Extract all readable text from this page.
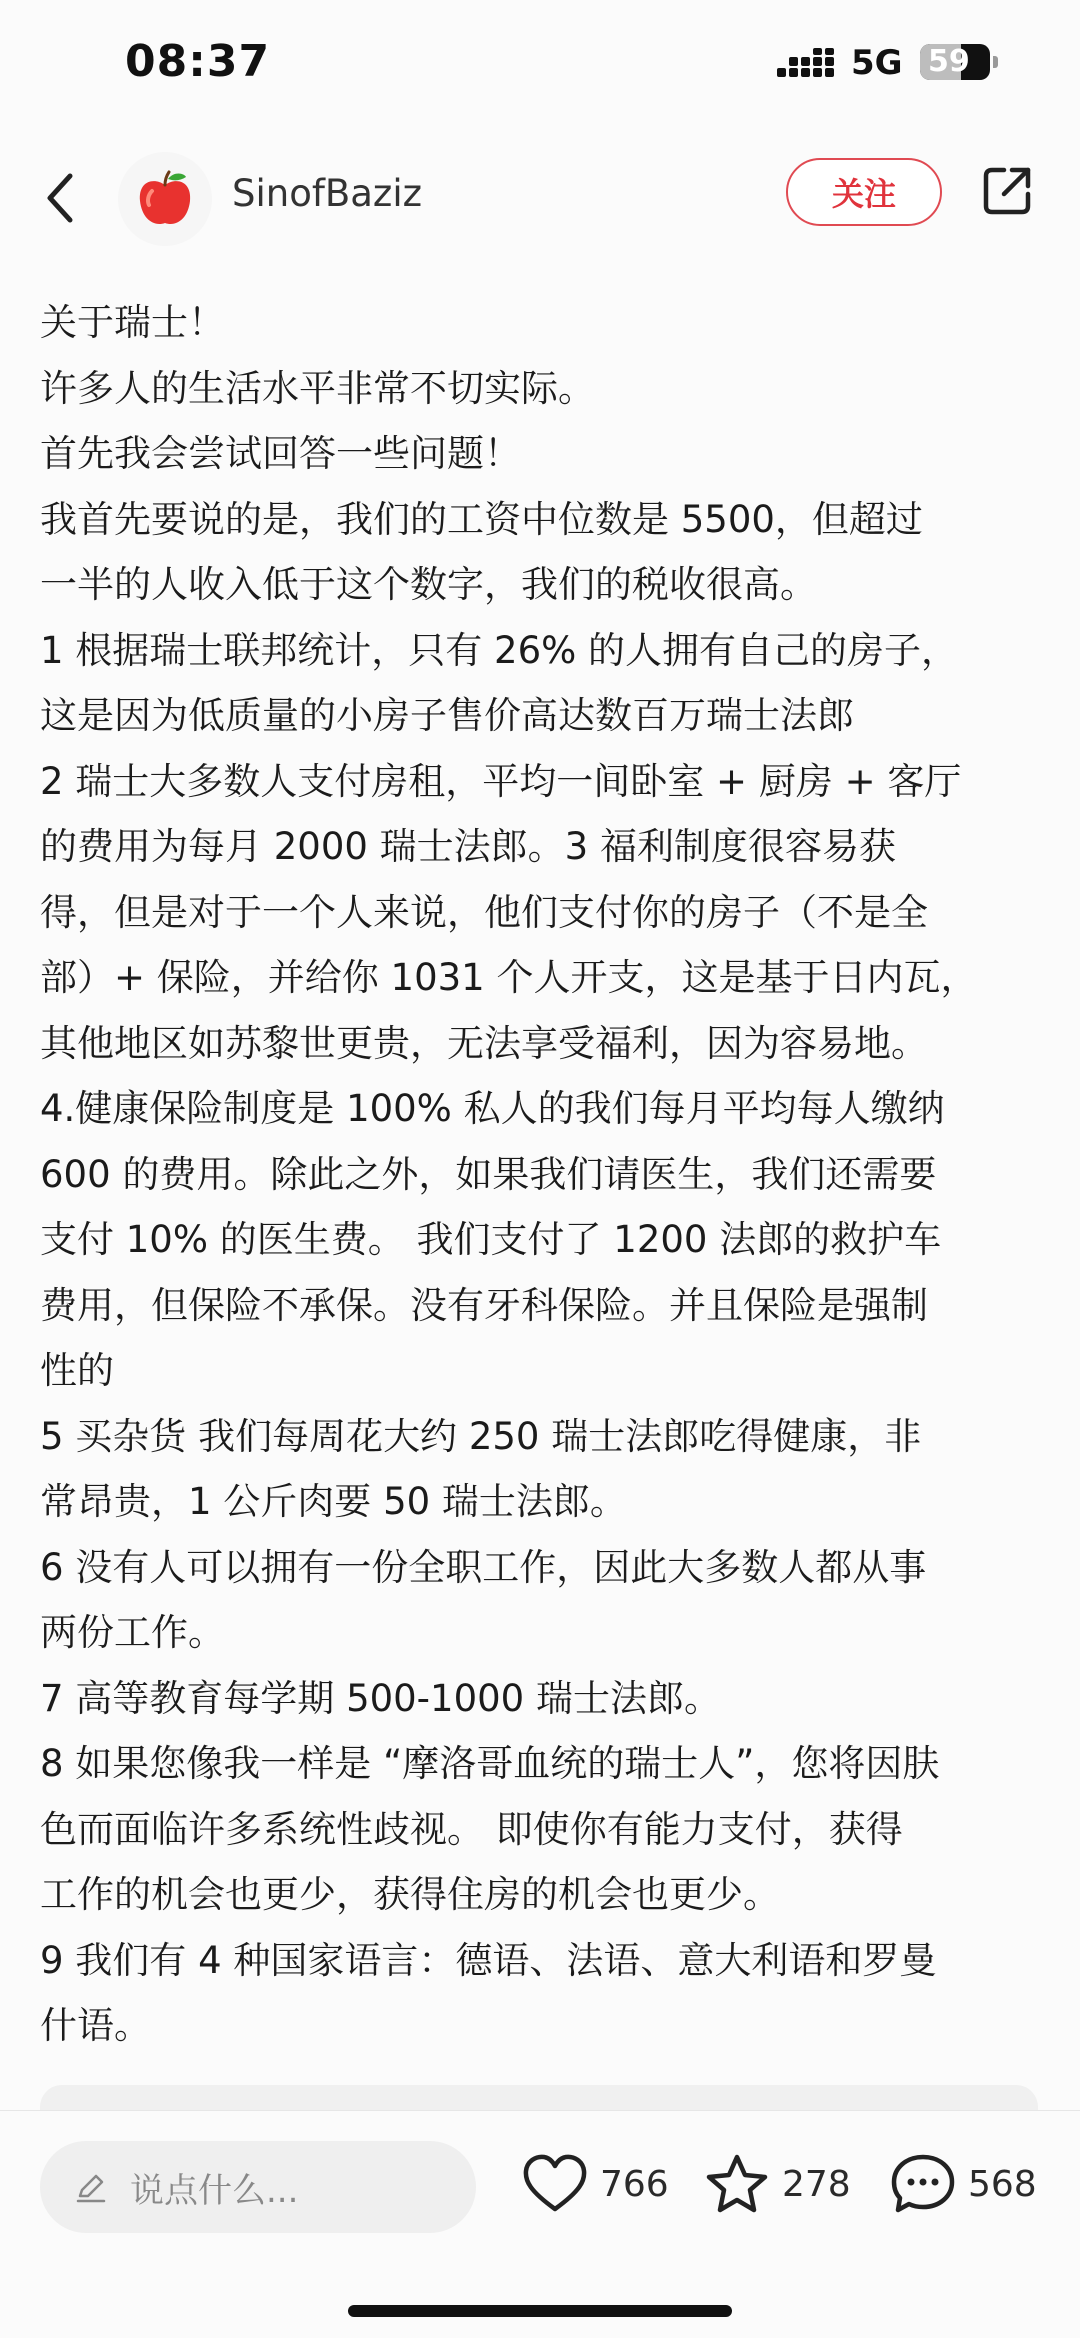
08:37	5G 59
SinofBaziz	关注
关于瑞士！
许多人的生活水平非常不切实际。
首先我会尝试回答一些问题！
我首先要说的是，我们的工资中位数是 5500，但超过
一半的人收入低于这个数字，我们的税收很高。
1 根据瑞士联邦统计，只有 26% 的人拥有自己的房子，
这是因为低质量的小房子售价高达数百万瑞士法郎
2 瑞士大多数人支付房租，平均一间卧室 + 厨房 + 客厅
的费用为每月 2000 瑞士法郎。3 福利制度很容易获
得，但是对于一个人来说，他们支付你的房子（不是全
部）+ 保险，并给你 1031 个人开支，这是基于日内瓦，
其他地区如苏黎世更贵，无法享受福利，因为容易地。
4.健康保险制度是 100% 私人的我们每月平均每人缴纳
600 的费用。除此之外，如果我们请医生，我们还需要
支付 10% 的医生费。 我们支付了 1200 法郎的救护车
费用，但保险不承保。没有牙科保险。并且保险是强制
性的
5 买杂货 我们每周花大约 250 瑞士法郎吃得健康，非
常昂贵，1 公斤肉要 50 瑞士法郎。
6 没有人可以拥有一份全职工作，因此大多数人都从事
两份工作。
7 高等教育每学期 500-1000 瑞士法郎。
8 如果您像我一样是 “摩洛哥血统的瑞士人”，您将因肤
色而面临许多系统性歧视。 即使你有能力支付，获得
工作的机会也更少，获得住房的机会也更少。
9 我们有 4 种国家语言：德语、法语、意大利语和罗曼
什语。
说点什么...	766	278	568
